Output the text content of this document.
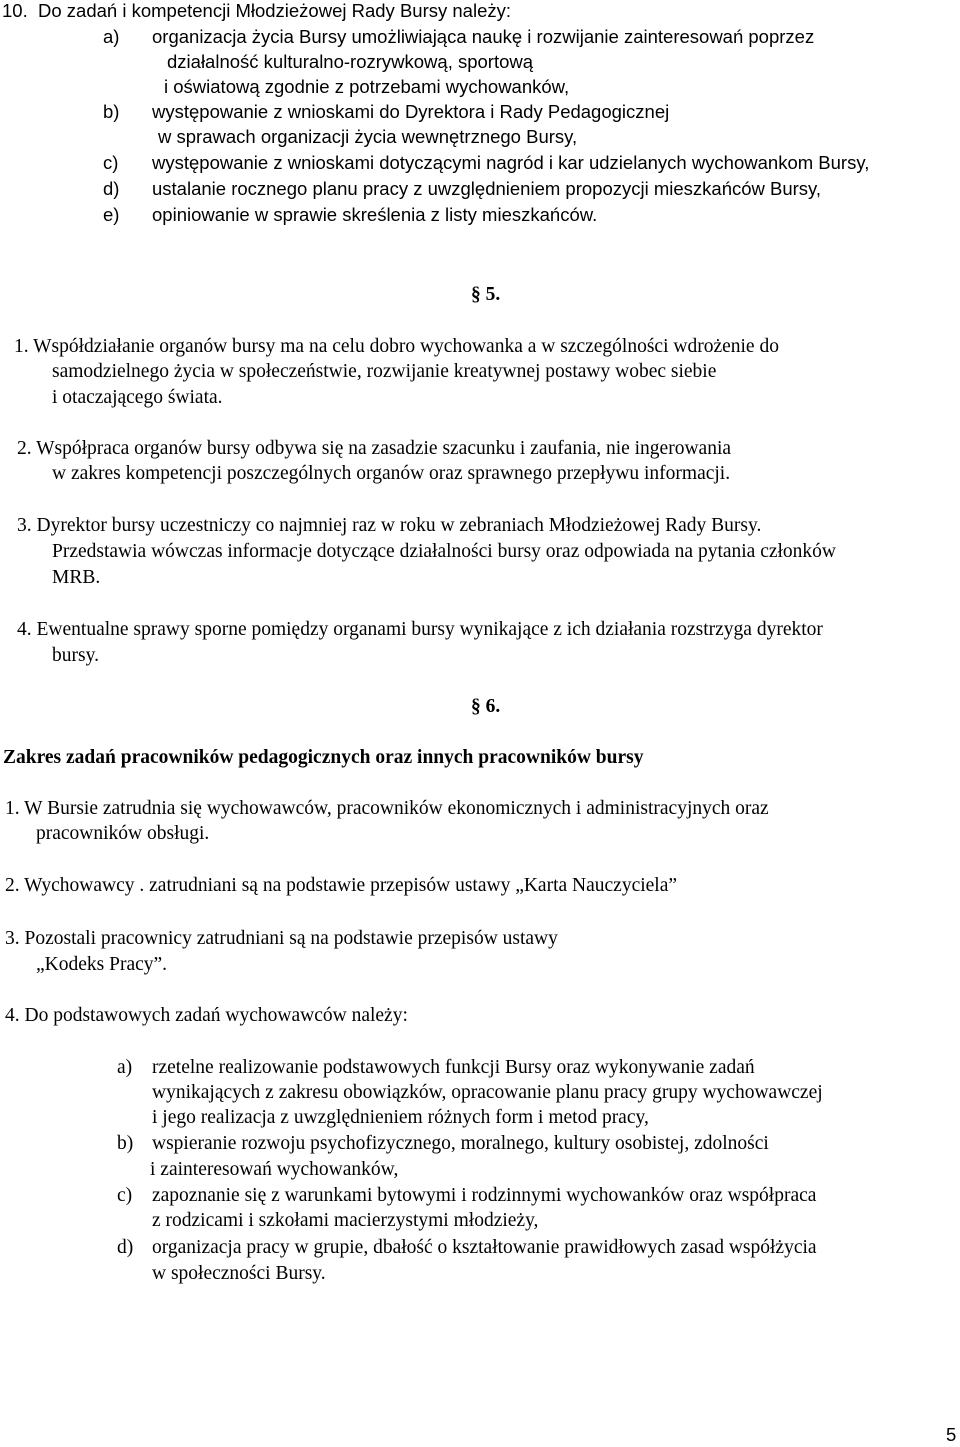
10. Do zadań i kompetencji Młodzieżowej Rady Bursy należy:
a) organizacja życia Bursy umożliwiająca naukę i rozwijanie zainteresowań poprzez
działalność kulturalno-rozrywkową, sportową
i oświatową zgodnie z potrzebami wychowanków,
b) występowanie z wnioskami do Dyrektora i Rady Pedagogicznej
w sprawach organizacji życia wewnętrznego Bursy,
c) występowanie z wnioskami dotyczącymi nagród i kar udzielanych wychowankom Bursy,
d) ustalanie rocznego planu pracy z uwzględnieniem propozycji mieszkańców Bursy,
e) opiniowanie w sprawie skreślenia z listy mieszkańców.
§ 5.
1. Współdziałanie organów bursy ma na celu dobro wychowanka a w szczególności wdrożenie do
samodzielnego życia w społeczeństwie, rozwijanie kreatywnej postawy wobec siebie
i otaczającego świata.
2. Współpraca organów bursy odbywa się na zasadzie szacunku i zaufania, nie ingerowania
w zakres kompetencji poszczególnych organów oraz sprawnego przepływu informacji.
3. Dyrektor bursy uczestniczy co najmniej raz w roku w zebraniach Młodzieżowej Rady Bursy.
Przedstawia wówczas informacje dotyczące działalności bursy oraz odpowiada na pytania członków
MRB.
4. Ewentualne sprawy sporne pomiędzy organami bursy wynikające z ich działania rozstrzyga dyrektor
bursy.
§ 6.
Zakres zadań pracowników pedagogicznych oraz innych pracowników bursy
1. W Bursie zatrudnia się wychowawców, pracowników ekonomicznych i administracyjnych oraz
pracowników obsługi.
2. Wychowawcy . zatrudniani są na podstawie przepisów ustawy „Karta Nauczyciela”
3. Pozostali pracownicy zatrudniani są na podstawie przepisów ustawy
„Kodeks Pracy”.
4. Do podstawowych zadań wychowawców należy:
a) rzetelne realizowanie podstawowych funkcji Bursy oraz wykonywanie zadań
wynikających z zakresu obowiązków, opracowanie planu pracy grupy wychowawczej
i jego realizacja z uwzględnieniem różnych form i metod pracy,
b) wspieranie rozwoju psychofizycznego, moralnego, kultury osobistej, zdolności
i zainteresowań wychowanków,
c) zapoznanie się z warunkami bytowymi i rodzinnymi wychowanków oraz współpraca
z rodzicami i szkołami macierzystymi młodzieży,
d) organizacja pracy w grupie, dbałość o kształtowanie prawidłowych zasad współżycia
w społeczności Bursy.
5
